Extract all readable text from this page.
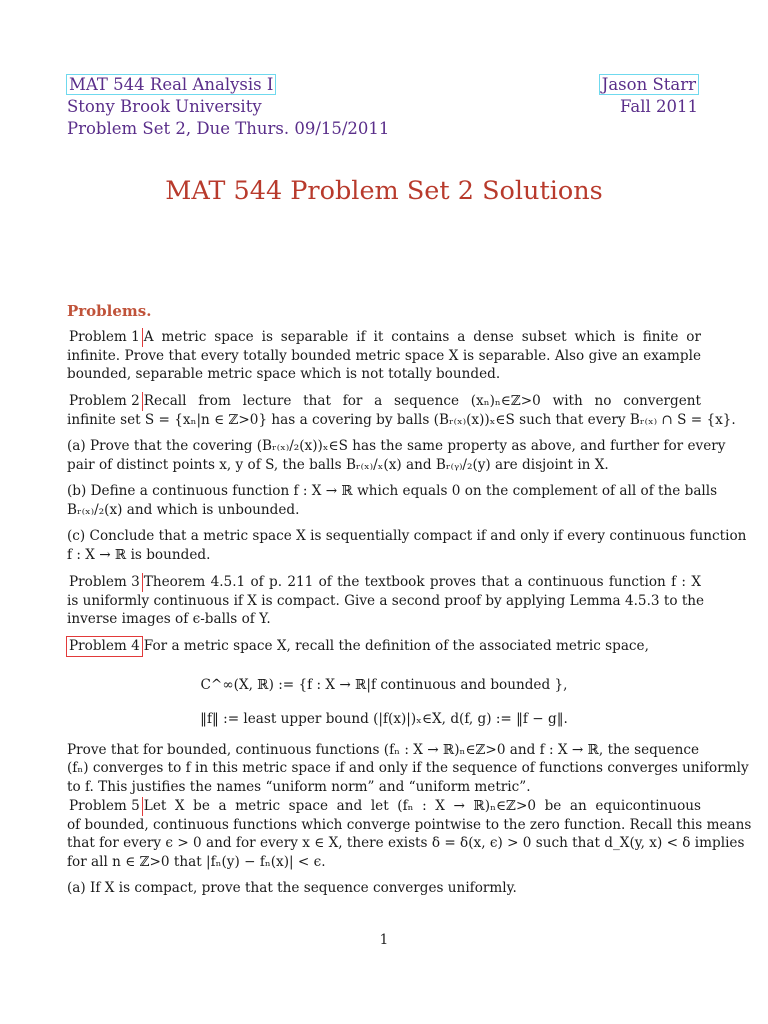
MAT 544 Real Analysis I
Stony Brook University
Problem Set 2, Due Thurs. 09/15/2011
Jason Starr
Fall 2011
MAT 544 Problem Set 2 Solutions
Problems.
Problem 1 A metric space is separable if it contains a dense subset which is finite or
infinite. Prove that every totally bounded metric space X is separable. Also give an example
bounded, separable metric space which is not totally bounded.
Problem 2 Recall from lecture that for a sequence (xₙ)ₙ∈ℤ>0 with no convergent
infinite set S = {xₙ|n ∈ ℤ>0} has a covering by balls (Bᵣ₍ₓ₎(x))ₓ∈S such that every Bᵣ₍ₓ₎ ∩ S = {x}.
(a) Prove that the covering (Bᵣ₍ₓ₎/₂(x))ₓ∈S has the same property as above, and further for every
pair of distinct points x, y of S, the balls Bᵣ₍ₓ₎/ₓ(x) and Bᵣ₍ᵧ₎/₂(y) are disjoint in X.
(b) Define a continuous function f : X → ℝ which equals 0 on the complement of all of the balls
Bᵣ₍ₓ₎/₂(x) and which is unbounded.
(c) Conclude that a metric space X is sequentially compact if and only if every continuous function
f : X → ℝ is bounded.
Problem 3 Theorem 4.5.1 of p. 211 of the textbook proves that a continuous function f : X
is uniformly continuous if X is compact. Give a second proof by applying Lemma 4.5.3 to the
inverse images of ϵ-balls of Y.
Problem 4 For a metric space X, recall the definition of the associated metric space,
C^∞(X, ℝ) := {f : X → ℝ|f continuous and bounded },
‖f‖ := least upper bound (|f(x)|)ₓ∈X, d(f, g) := ‖f − g‖.
Prove that for bounded, continuous functions (fₙ : X → ℝ)ₙ∈ℤ>0 and f : X → ℝ, the sequence
(fₙ) converges to f in this metric space if and only if the sequence of functions converges uniformly
to f. This justifies the names “uniform norm” and “uniform metric”.
Problem 5 Let X be a metric space and let (fₙ : X → ℝ)ₙ∈ℤ>0 be an equicontinuous
of bounded, continuous functions which converge pointwise to the zero function. Recall this means
that for every ϵ > 0 and for every x ∈ X, there exists δ = δ(x, ϵ) > 0 such that d_X(y, x) < δ implies
for all n ∈ ℤ>0 that |fₙ(y) − fₙ(x)| < ϵ.
(a) If X is compact, prove that the sequence converges uniformly.
1
